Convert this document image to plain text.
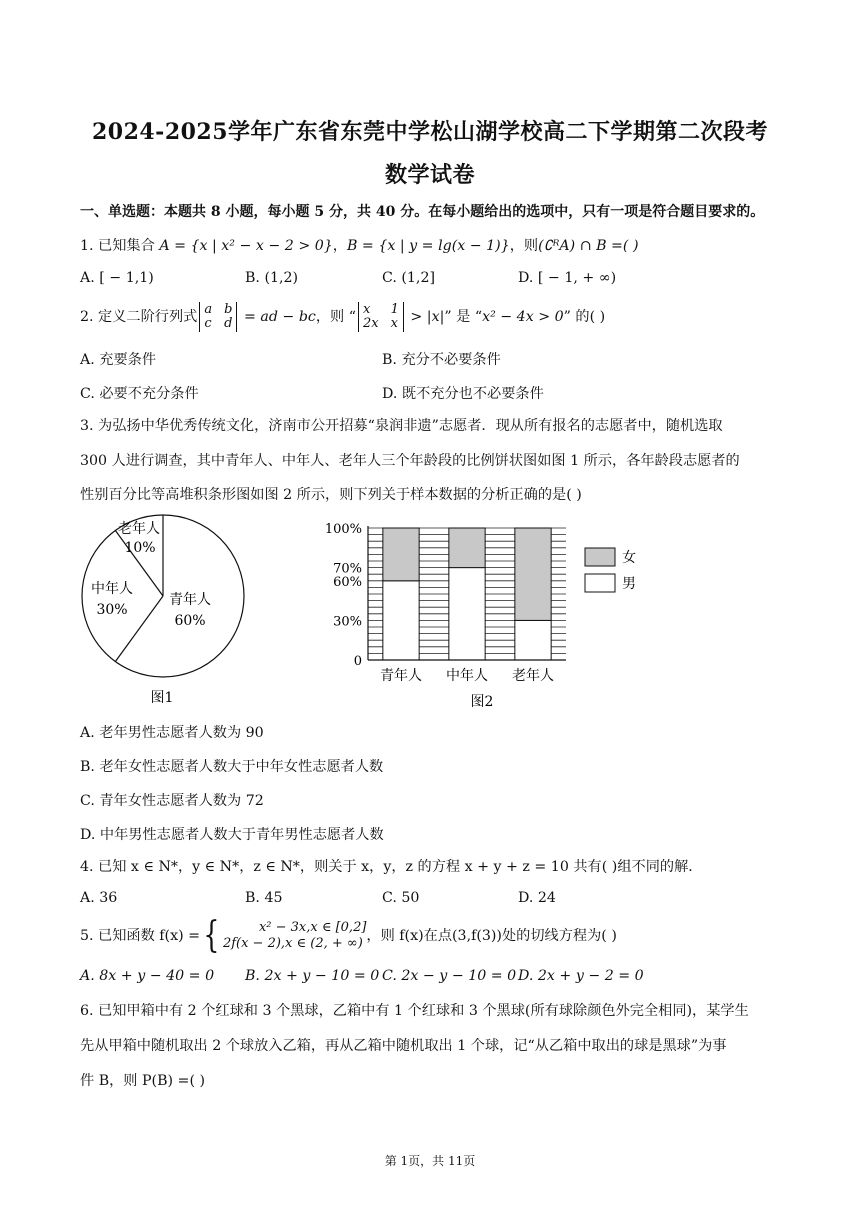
2024-2025学年广东省东莞中学松山湖学校高二下学期第二次段考
数学试卷
一、单选题：本题共 8 小题，每小题 5 分，共 40 分。在每小题给出的选项中，只有一项是符合题目要求的。
1. 已知集合 A = {x | x² − x − 2 > 0}，B = {x | y = lg(x − 1)}，则(∁ᴿA) ∩ B =( )
A. [ − 1,1)	B. (1,2)	C. (1,2]	D. [ − 1, + ∞)
2. 定义二阶行列式 a b
c d = ad − bc，则 “ x	1
2x x > |x|” 是 “x² − 4x > 0” 的( )
A. 充要条件	B. 充分不必要条件
C. 必要不充分条件	D. 既不充分也不必要条件
3. 为弘扬中华优秀传统文化，济南市公开招募“泉润非遗”志愿者．现从所有报名的志愿者中，随机选取
300 人进行调查，其中青年人、中年人、老年人三个年龄段的比例饼状图如图 1 所示，各年龄段志愿者的
性别百分比等高堆积条形图如图 2 所示，则下列关于样本数据的分析正确的是( )
青年人
60%
中年人
30%
老年人
10%
图1
0
30%
60%
70%
100%
青年人 中年人 老年人
女
男
图2
A. 老年男性志愿者人数为 90
B. 老年女性志愿者人数大于中年女性志愿者人数
C. 青年女性志愿者人数为 72
D. 中年男性志愿者人数大于青年男性志愿者人数
4. 已知 x ∈ N*，y ∈ N*，z ∈ N*，则关于 x，y，z 的方程 x + y + z = 10 共有( )组不同的解．
A. 36	B. 45	C. 50	D. 24
5. 已知函数 f(x) = {	x² − 3x,x ∈ [0,2]
2f(x − 2),x ∈ (2, + ∞) ，则 f(x)在点(3,f(3))处的切线方程为( )
A. 8x + y − 40 = 0 B. 2x + y − 10 = 0 C. 2x − y − 10 = 0 D. 2x + y − 2 = 0
6. 已知甲箱中有 2 个红球和 3 个黑球，乙箱中有 1 个红球和 3 个黑球(所有球除颜色外完全相同)，某学生
先从甲箱中随机取出 2 个球放入乙箱，再从乙箱中随机取出 1 个球，记“从乙箱中取出的球是黑球”为事
件 B，则 P(B) =( )
第 1页，共 11页
